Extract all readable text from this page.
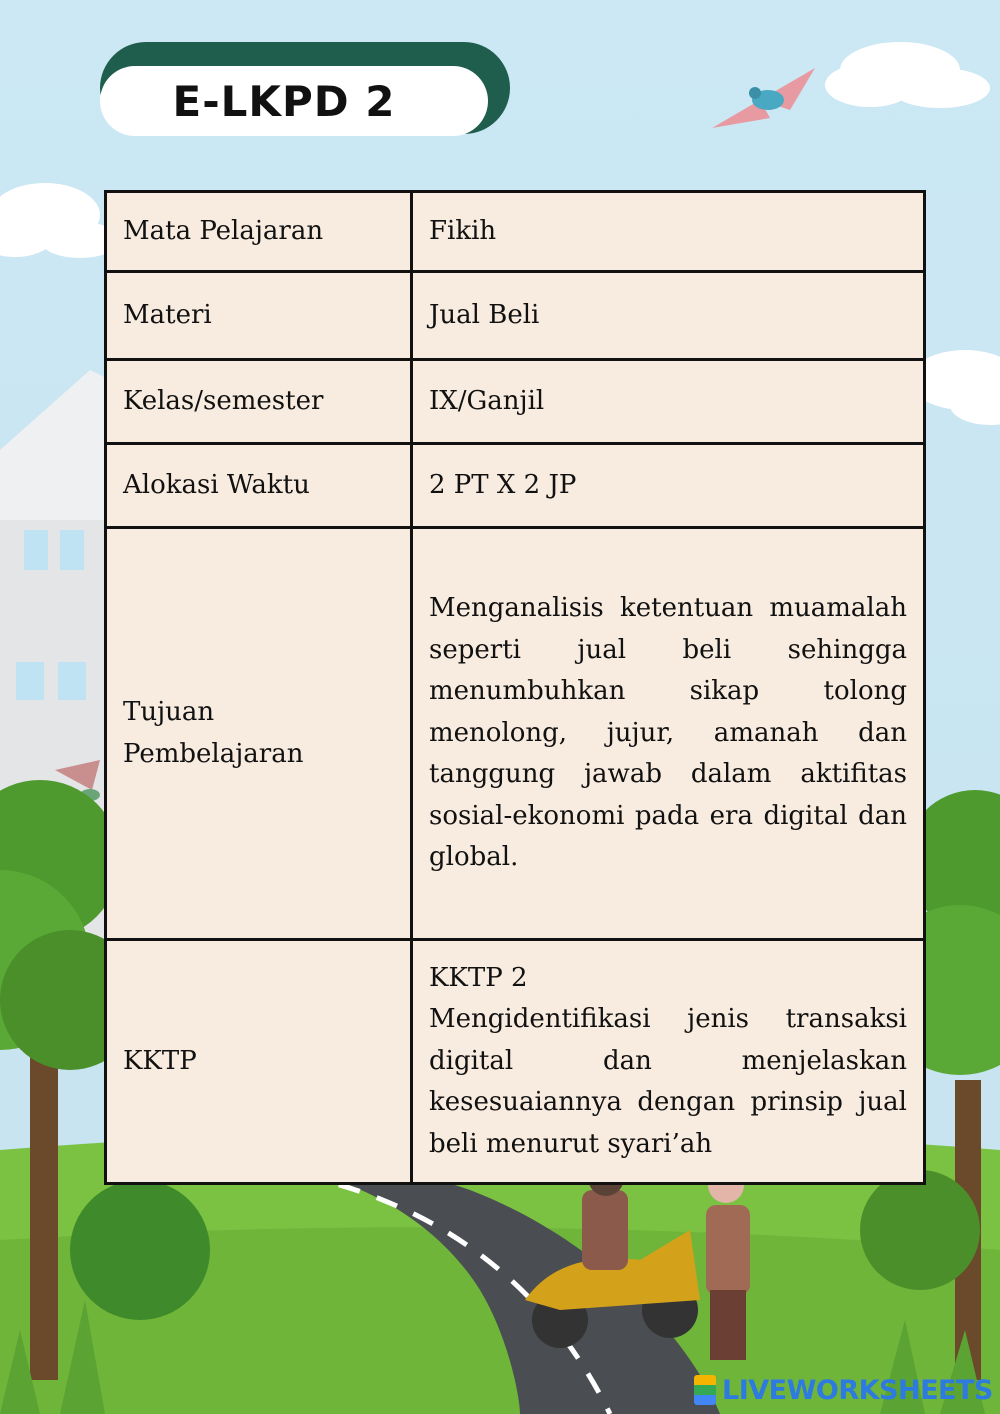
E-LKPD 2
Mata Pelajaran	Fikih
Materi	Jual Beli
Kelas/semester	IX/Ganjil
Alokasi Waktu	2 PT X 2 JP
Tujuan Pembelajaran	Menganalisis ketentuan muamalah seperti jual beli sehingga menumbuhkan sikap tolong menolong, jujur, amanah dan tanggung jawab dalam aktifitas sosial-ekonomi pada era digital dan global.
KKTP	KKTP 2
Mengidentifikasi jenis transaksi digital dan menjelaskan kesesuaiannya dengan prinsip jual beli menurut syari’ah
LIVEWORKSHEETS
